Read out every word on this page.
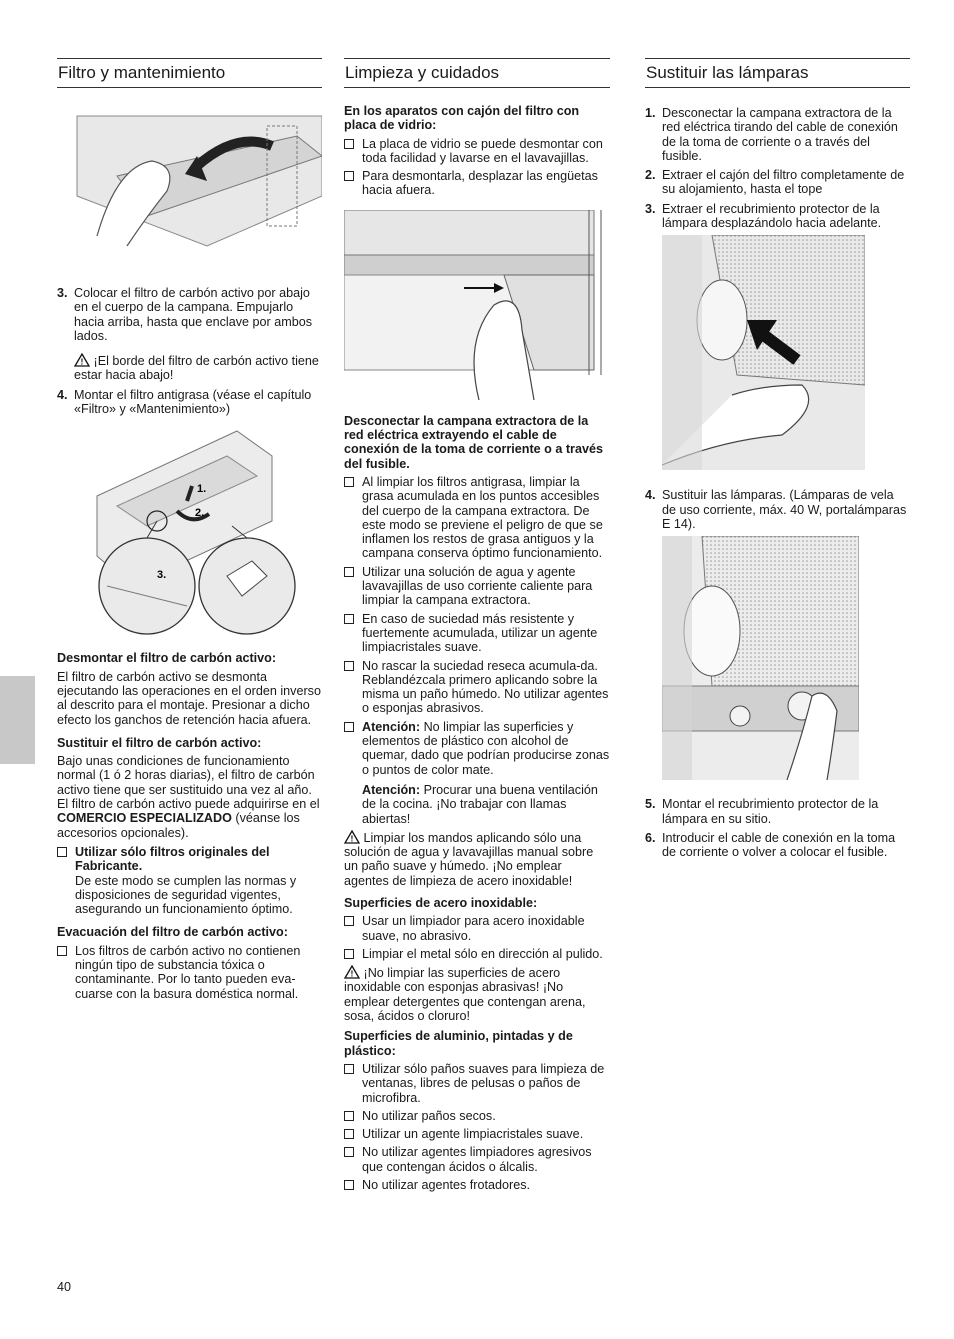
Filtro y mantenimiento
3. Colocar el filtro de carbón activo por abajo en el cuerpo de la campana. Empujarlo hacia arriba, hasta que enclave por ambos lados.
! ¡El borde del filtro de carbón activo tiene estar hacia abajo!
4. Montar el filtro antigrasa (véase el capítulo «Filtro» y «Mantenimiento»)
1.
2.
3.

Desmontar el filtro de carbón activo:

El filtro de carbón activo se desmonta ejecutando las operaciones en el orden inverso al descrito para el montaje. Presionar a dicho efecto los ganchos de retención hacia afuera.

Sustituir el filtro de carbón activo:

Bajo unas condiciones de funcionamiento normal (1 ó 2 horas diarias), el filtro de carbón activo tiene que ser sustituido una vez al año. El filtro de carbón activo puede adquirirse en el COMERCIO ESPECIALIZADO (véanse los accesorios opcionales).

Utilizar sólo filtros originales del Fabricante.
De este modo se cumplen las normas y disposiciones de seguridad vigentes, asegurando un funcionamiento óptimo.

Evacuación del filtro de carbón activo:

Los filtros de carbón activo no contienen ningún tipo de substancia tóxica o contaminante. Por lo tanto pueden eva-cuarse con la basura doméstica normal.
Limpieza y cuidados

En los aparatos con cajón del filtro con placa de vidrio:

La placa de vidrio se puede desmontar con toda facilidad y lavarse en el lavavajillas.
Para desmontarla, desplazar las engüetas hacia afuera.

Desconectar la campana extractora de la red eléctrica extrayendo el cable de conexión de la toma de corriente o a través del fusible.

Al limpiar los filtros antigrasa, limpiar la grasa acumulada en los puntos accesibles del cuerpo de la campana extractora. De este modo se previene el peligro de que se inflamen los restos de grasa antiguos y la campana conserva óptimo funcionamiento.
Utilizar una solución de agua y agente lavavajillas de uso corriente caliente para limpiar la campana extractora.
En caso de suciedad más resistente y fuertemente acumulada, utilizar un agente limpiacristales suave.
No rascar la suciedad reseca acumula-da. Reblandézcala primero aplicando sobre la misma un paño húmedo. No utilizar agentes o esponjas abrasivos.
Atención: No limpiar las superficies y elementos de plástico con alcohol de quemar, dado que podrían producirse zonas o puntos de color mate.
Atención: Procurar una buena ventilación de la cocina. ¡No trabajar con llamas abiertas!

! Limpiar los mandos aplicando sólo una solución de agua y lavavajillas manual sobre un paño suave y húmedo. ¡No emplear agentes de limpieza de acero inoxidable!

Superficies de acero inoxidable:

Usar un limpiador para acero inoxidable suave, no abrasivo.
Limpiar el metal sólo en dirección al pulido.

! ¡No limpiar las superficies de acero inoxidable con esponjas abrasivas! ¡No emplear detergentes que contengan arena, sosa, ácidos o cloruro!

Superficies de aluminio, pintadas y de plástico:

Utilizar sólo paños suaves para limpieza de ventanas, libres de pelusas o paños de microfibra.
No utilizar paños secos.
Utilizar un agente limpiacristales suave.
No utilizar agentes limpiadores agresivos que contengan ácidos o álcalis.
No utilizar agentes frotadores.
Sustituir las lámparas
1. Desconectar la campana extractora de la red eléctrica tirando del cable de conexión de la toma de corriente o a través del fusible.
2. Extraer el cajón del filtro completamente de su alojamiento, hasta el tope
3. Extraer el recubrimiento protector de la lámpara desplazándolo hacia adelante.
4. Sustituir las lámparas. (Lámparas de vela de uso corriente, máx. 40 W, portalámparas E 14).
5. Montar el recubrimiento protector de la lámpara en su sitio.
6. Introducir el cable de conexión en la toma de corriente o volver a colocar el fusible.
40
